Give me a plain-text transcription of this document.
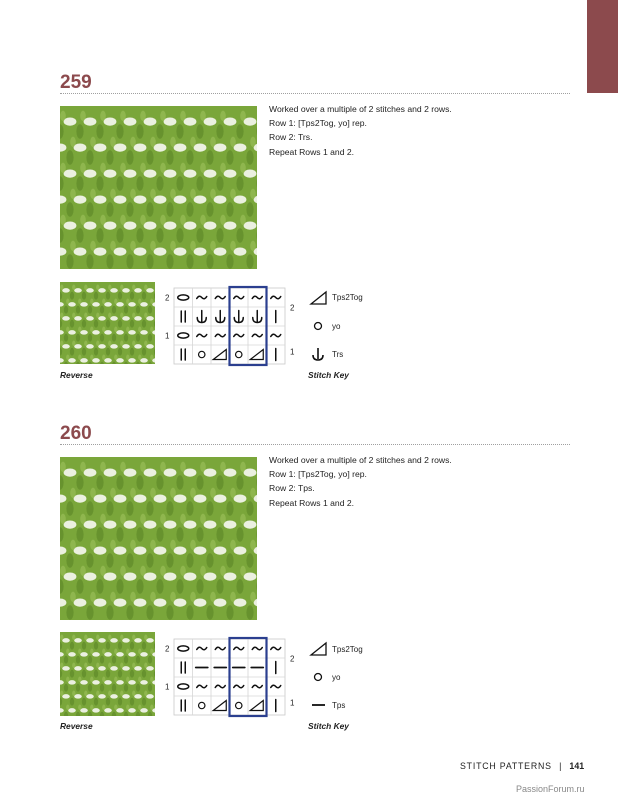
259
Worked over a multiple of 2 stitches and 2 rows.
Row 1: [Tps2Tog, yo] rep.
Row 2: Trs.
Repeat Rows 1 and 2.
Reverse
2
1
2
1
Tps2Tog
yo
Trs
Stitch Key
260
Worked over a multiple of 2 stitches and 2 rows.
Row 1: [Tps2Tog, yo] rep.
Row 2: Tps.
Repeat Rows 1 and 2.
Reverse
2
1
2
1
Tps2Tog
yo
Tps
Stitch Key
STITCH PATTERNS | 141
PassionForum.ru
